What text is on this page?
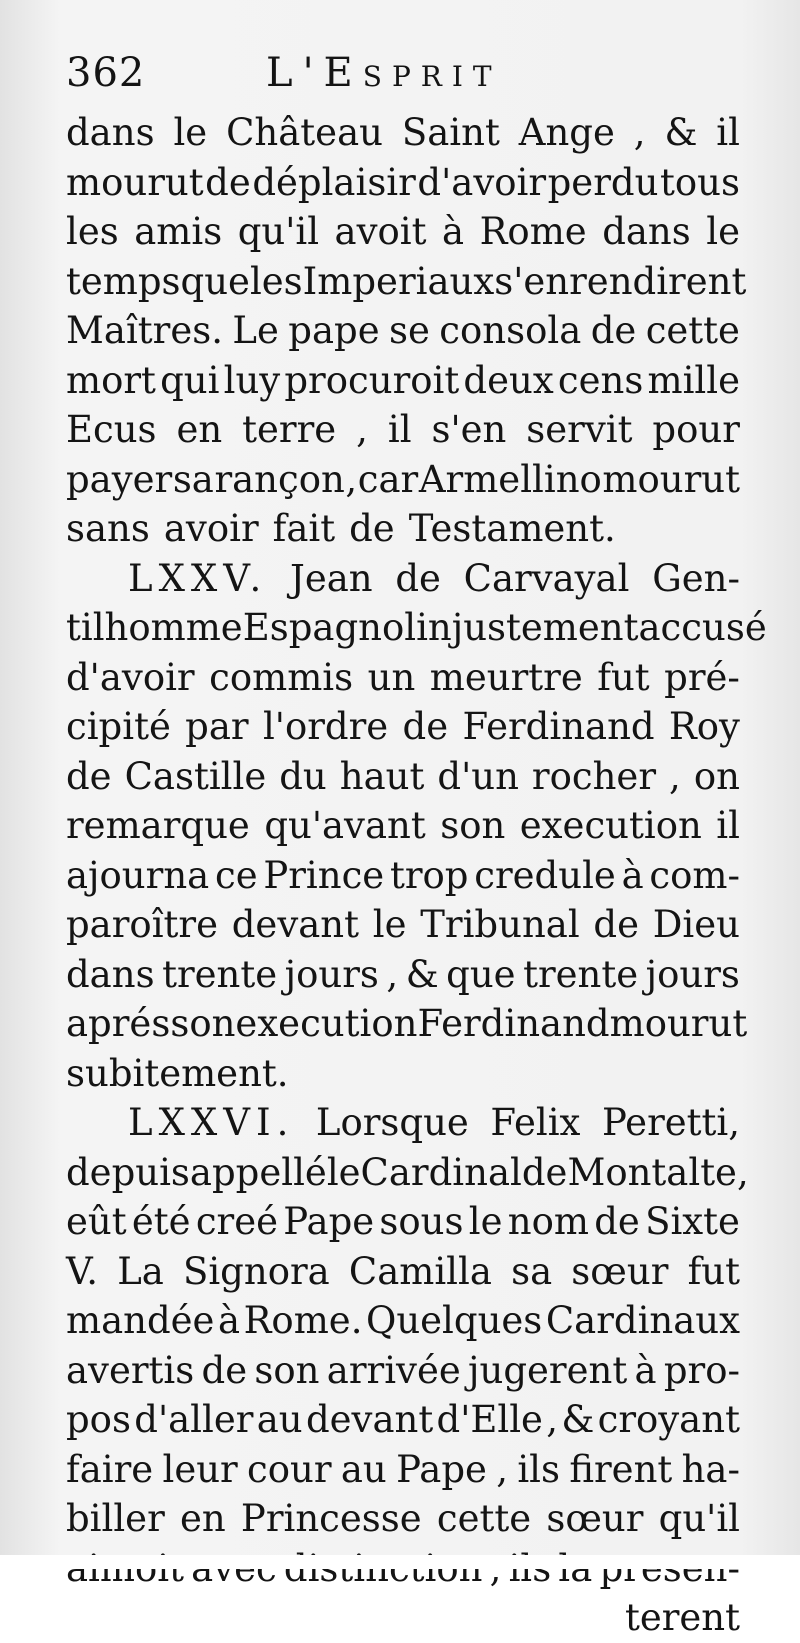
362	L'Esprit
dans le Château Saint Ange , & il
mourut de déplaisir d'avoir perdu tous
les amis qu'il avoit à Rome dans le
temps que les Imperiaux s'en rendirent
Maîtres. Le pape se consola de cette
mort qui luy procuroit deux cens mille
Ecus en terre , il s'en servit pour
payer sa rançon , car Armellino mourut
sans avoir fait de Testament.
LXXV. Jean de Carvayal Gen-
tilhomme Espagnol injustement accusé
d'avoir commis un meurtre fut pré-
cipité par l'ordre de Ferdinand Roy
de Castille du haut d'un rocher , on
remarque qu'avant son execution il
ajourna ce Prince trop credule à com-
paroître devant le Tribunal de Dieu
dans trente jours , & que trente jours
aprés son execution Ferdinand mourut
subitement.
LXXVI. Lorsque Felix Peretti,
depuis appellé le Cardinal de Montalte,
eût été creé Pape sous le nom de Sixte
V. La Signora Camilla sa sœur fut
mandée à Rome. Quelques Cardinaux
avertis de son arrivée jugerent à pro-
pos d'aller au devant d'Elle , & croyant
faire leur cour au Pape , ils firent ha-
biller en Princesse cette sœur qu'il
terent
